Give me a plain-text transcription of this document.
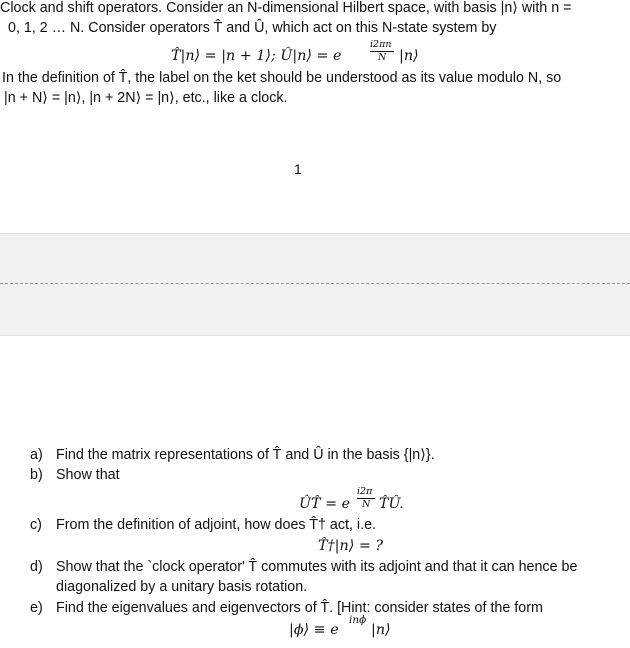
Clock and shift operators. Consider an N-dimensional Hilbert space, with basis |n⟩ with n =
0, 1, 2 … N. Consider operators T̂ and Û, which act on this N-state system by
T̂|n⟩ = |n + 1⟩; Û|n⟩ = e
i2πn
N |n⟩
In the definition of T̂, the label on the ket should be understood as its value modulo N, so
|n + N⟩ = |n⟩, |n + 2N⟩ = |n⟩, etc., like a clock.
1
a) Find the matrix representations of T̂ and Û in the basis {|n⟩}.
b) Show that
ÛT̂ = e
i2π
N T̂Û.
c) From the definition of adjoint, how does T̂† act, i.e.
T̂†|n⟩ = ?
d) Show that the `clock operator' T̂ commutes with its adjoint and that it can hence be
diagonalized by a unitary basis rotation.
e) Find the eigenvalues and eigenvectors of T̂. [Hint: consider states of the form
|ϕ⟩ ≡ e
inϕ
|n⟩
